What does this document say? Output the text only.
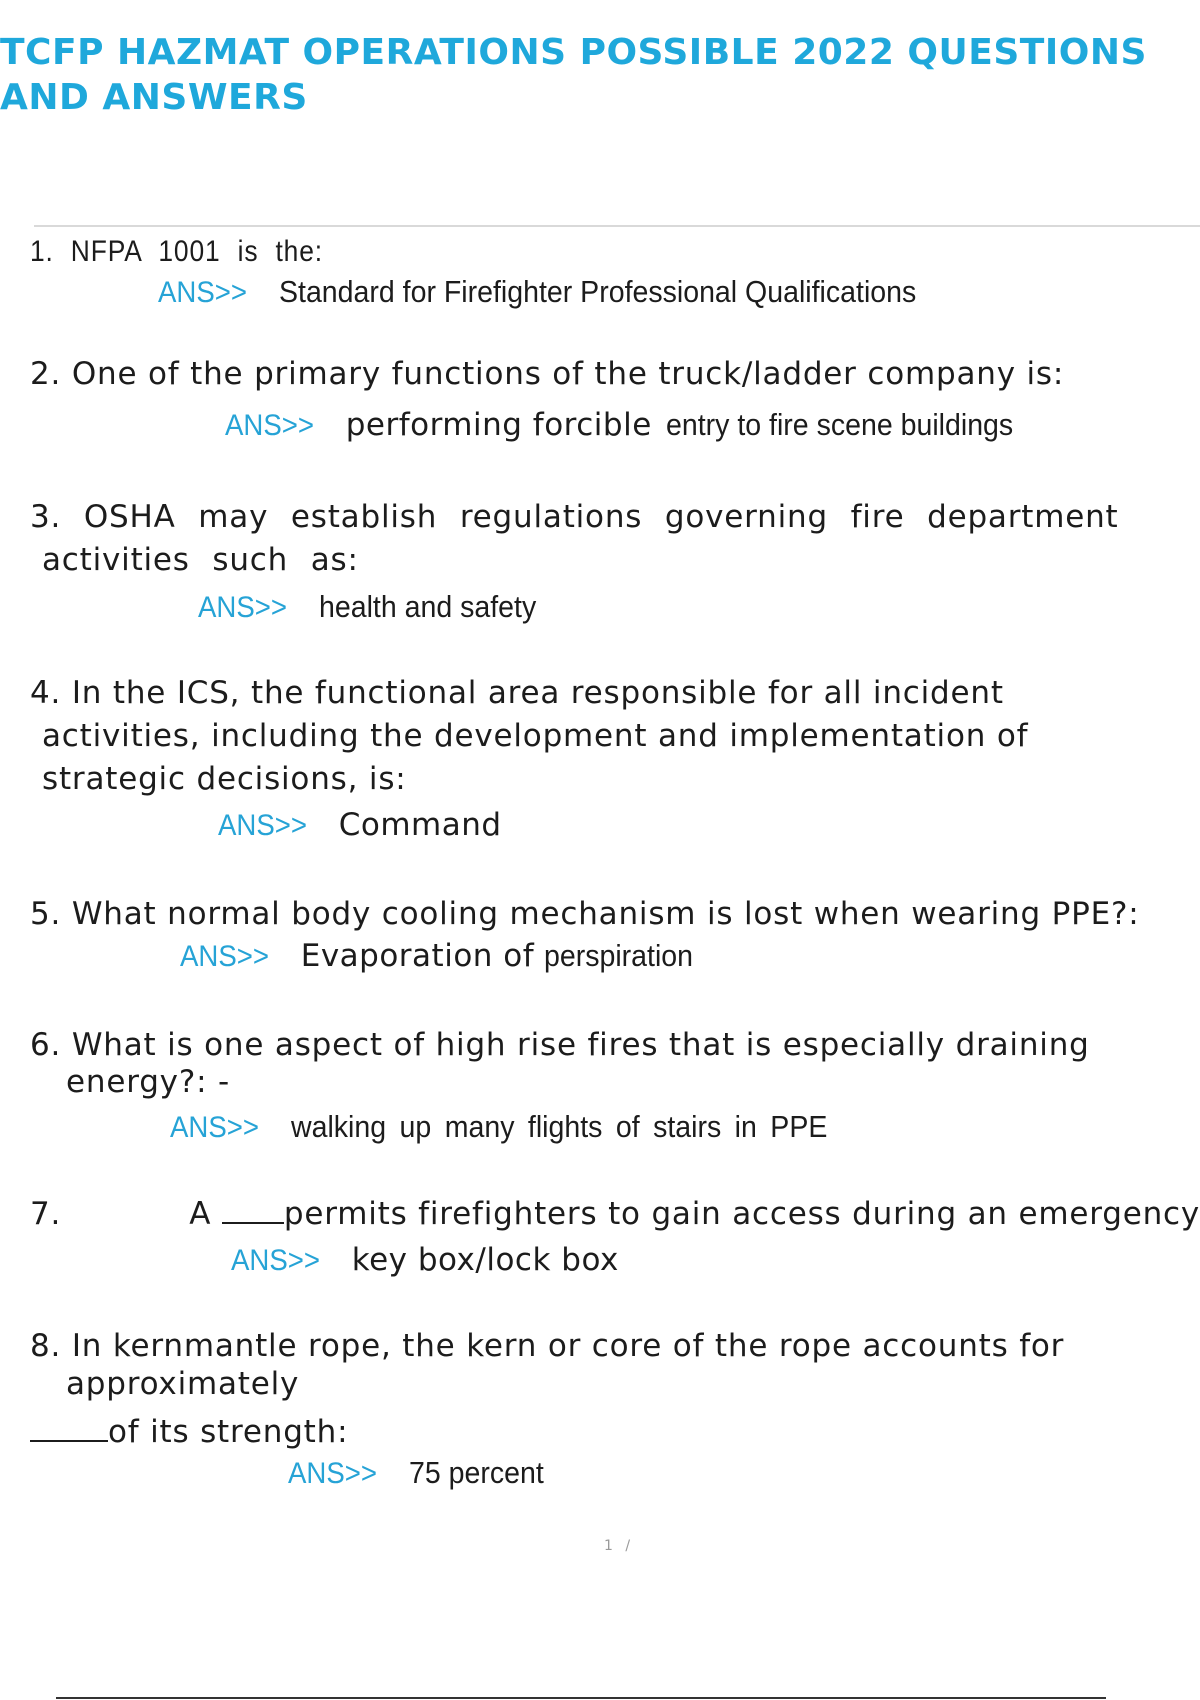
TCFP HAZMAT OPERATIONS POSSIBLE 2022 QUESTIONS AND ANSWERS
1. NFPA 1001 is the:
ANS>> Standard for Firefighter Professional Qualifications
2. One of the primary functions of the truck/ladder company is:
ANS>> performing forcible entry to fire scene buildings
3. OSHA may establish regulations governing fire department
activities such as:
ANS>> health and safety
4. In the ICS, the functional area responsible for all incident
activities, including the development and implementation of
strategic decisions, is:
ANS>> Command
5. What normal body cooling mechanism is lost when wearing PPE?:
ANS>> Evaporation of perspiration
6. What is one aspect of high rise fires that is especially draining
energy?: -
ANS>> walking up many flights of stairs in PPE
7.	A permits firefighters to gain access during an emergency
ANS>> key box/lock box
8. In kernmantle rope, the kern or core of the rope accounts for
approximately
of its strength:
ANS>> 75 percent
1 /
